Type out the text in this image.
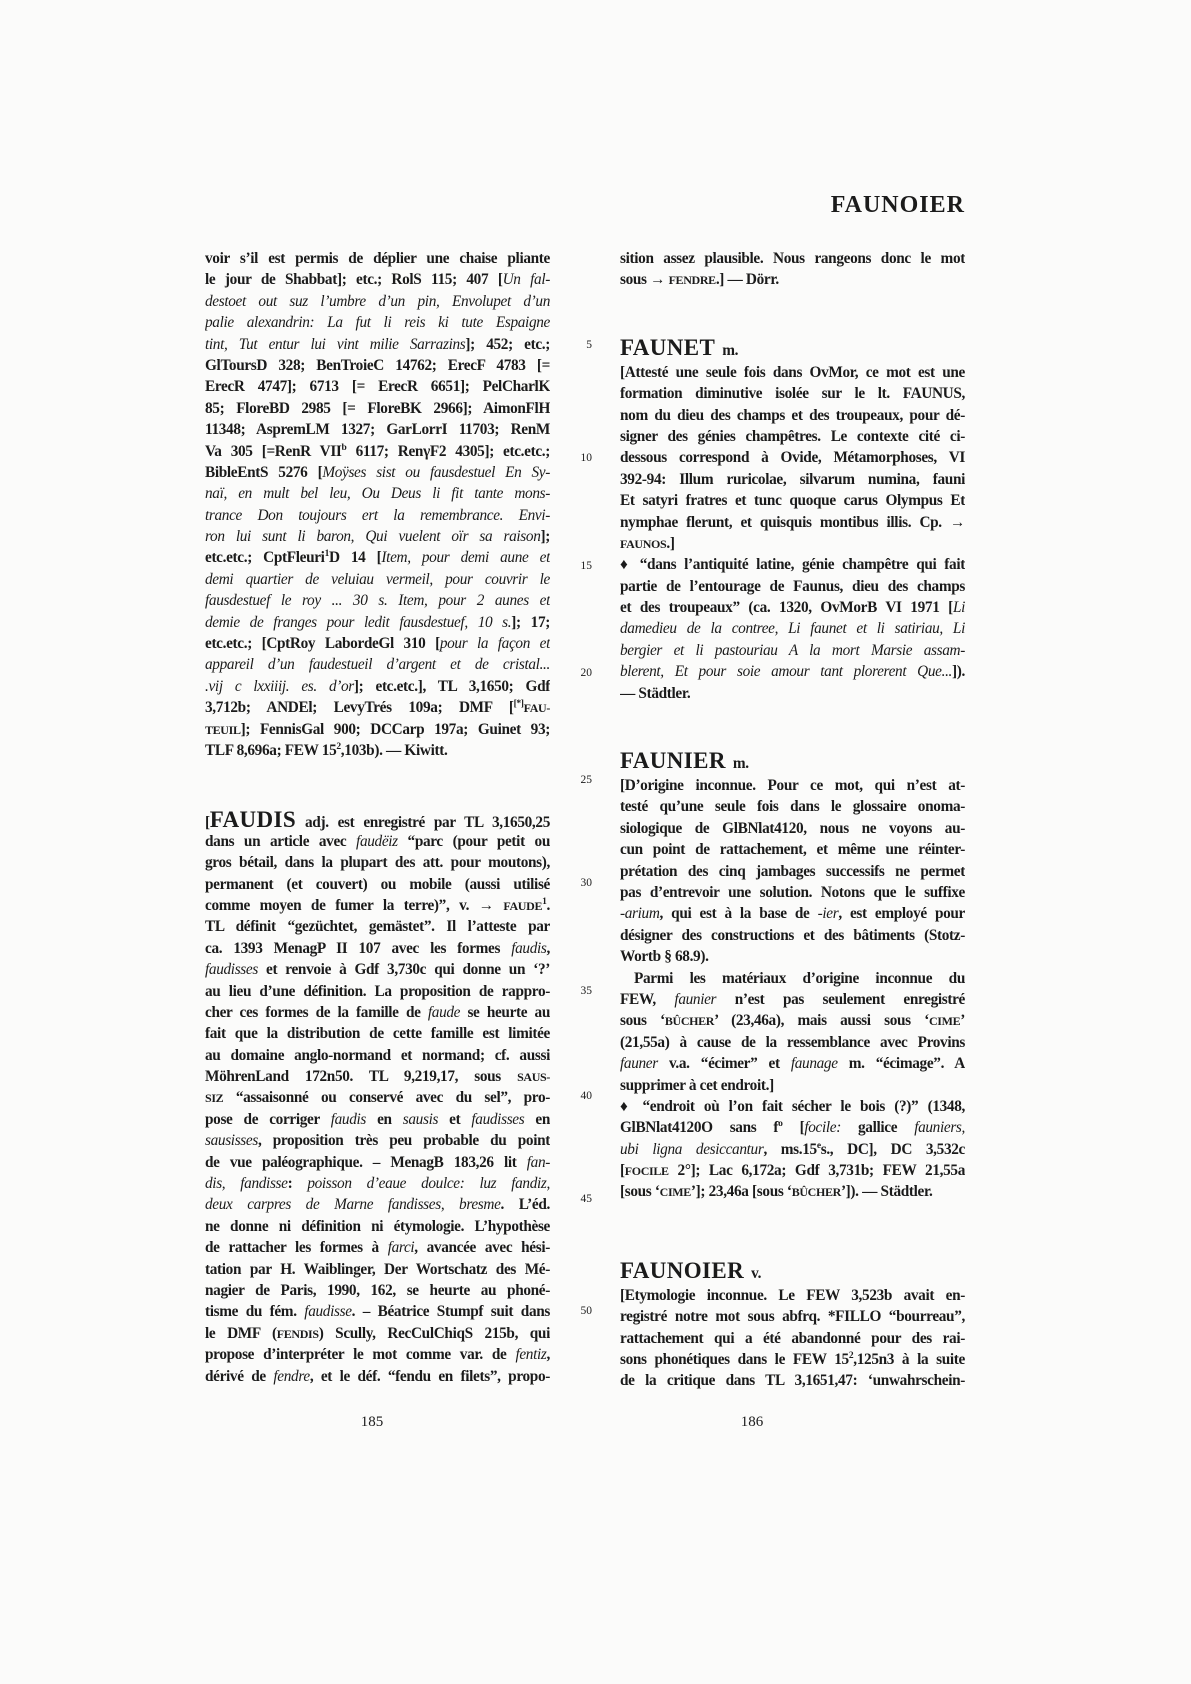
FAUNOIER
voir s’il est permis de déplier une chaise pliante
le jour de Shabbat]; etc.; RolS 115; 407 [Un fal-
destoet out suz l’umbre d’un pin, Envolupet d’un
palie alexandrin: La fut li reis ki tute Espaigne
tint, Tut entur lui vint milie Sarrazins]; 452; etc.;
GlToursD 328; BenTroieC 14762; ErecF 4783 [=
ErecR 4747]; 6713 [= ErecR 6651]; PelCharlK
85; FloreBD 2985 [= FloreBK 2966]; AimonFlH
11348; AspremLM 1327; GarLorrI 11703; RenM
Va 305 [=RenR VII$^b$ 6117; RenγF2 4305]; etc.etc.;
BibleEntS 5276 [Moÿses sist ou fausdestuel En Sy-
naï, en mult bel leu, Ou Deus li fit tante mons-
trance Don toujours ert la remembrance. Envi-
ron lui sunt li baron, Qui vuelent oïr sa raison];
etc.etc.; CptFleuri$^1$D 14 [Item, pour demi aune et
demi quartier de veluiau vermeil, pour couvrir le
fausdestuef le roy ... 30 s. Item, pour 2 aunes et
demie de franges pour ledit fausdestuef, 10 s.]; 17;
etc.etc.; [CptRoy LabordeGl 310 [pour la façon et
appareil d’un faudestueil d’argent et de cristal...
.vij c lxxiiij. es. d’or]; etc.etc.], TL 3,1650; Gdf
3,712b; ANDEl; LevyTrés 109a; DMF [[*]FAU-
TEUIL]; FennisGal 900; DCCarp 197a; Guinet 93;
TLF 8,696a; FEW $15^2,103b$). — Kiwitt.
[FAUDIS adj. est enregistré par TL 3,1650,25
dans un article avec faudëiz “parc (pour petit ou
gros bétail, dans la plupart des att. pour moutons),
permanent (et couvert) ou mobile (aussi utilisé
comme moyen de fumer la terre)”, v. → $FAUDE^1$.
TL définit “gezüchtet, gemästet”. Il l’atteste par
ca. 1393 MenagP II 107 avec les formes faudis,
faudisses et renvoie à Gdf 3,730c qui donne un ‘?’
au lieu d’une définition. La proposition de rappro-
cher ces formes de la famille de faude se heurte au
fait que la distribution de cette famille est limitée
au domaine anglo-normand et normand; cf. aussi
MöhrenLand 172n50. TL 9,219,17, sous SAUS-
SIZ “assaisonné ou conservé avec du sel”, pro-
pose de corriger faudis en sausis et faudisses en
sausisses, proposition très peu probable du point
de vue paléographique. – MenagB 183,26 lit fan-
dis, fandisse: poisson d’eaue doulce: luz fandiz,
deux carpres de Marne fandisses, bresme. L’éd.
ne donne ni définition ni étymologie. L’hypothèse
de rattacher les formes à farci, avancée avec hési-
tation par H. Waiblinger, Der Wortschatz des Mé-
nagier de Paris, 1990, 162, se heurte au phoné-
tisme du fém. faudisse. – Béatrice Stumpf suit dans
le DMF (FENDIS) Scully, RecCulChiqS 215b, qui
propose d’interpréter le mot comme var. de fentiz,
dérivé de fendre, et le déf. “fendu en filets”, propo-
sition assez plausible. Nous rangeons donc le mot
sous → FENDRE.] — Dörr.
FAUNET m.
[Attesté une seule fois dans OvMor, ce mot est une
formation diminutive isolée sur le lt. FAUNUS,
nom du dieu des champs et des troupeaux, pour dé-
signer des génies champêtres. Le contexte cité ci-
dessous correspond à Ovide, Métamorphoses, VI
392-94: Illum ruricolae, silvarum numina, fauni
Et satyri fratres et tunc quoque carus Olympus Et
nymphae flerunt, et quisquis montibus illis. Cp. →
FAUNOS.]
♦ “dans l’antiquité latine, génie champêtre qui fait
partie de l’entourage de Faunus, dieu des champs
et des troupeaux” (ca. 1320, OvMorB VI 1971 [Li
damedieu de la contree, Li faunet et li satiriau, Li
bergier et li pastouriau A la mort Marsie assam-
blerent, Et pour soie amour tant plorerent Que...]).
— Städtler.
FAUNIER m.
[D’origine inconnue. Pour ce mot, qui n’est at-
testé qu’une seule fois dans le glossaire onoma-
siologique de GlBNlat4120, nous ne voyons au-
cun point de rattachement, et même une réinter-
prétation des cinq jambages successifs ne permet
pas d’entrevoir une solution. Notons que le suffixe
-arium, qui est à la base de -ier, est employé pour
désigner des constructions et des bâtiments (Stotz-
Wortb § 68.9).
Parmi les matériaux d’origine inconnue du
FEW, faunier n’est pas seulement enregistré
sous ‘BÛCHER’ (23,46a), mais aussi sous ‘CIME’
(21,55a) à cause de la ressemblance avec Provins
fauner v.a. “écimer” et faunage m. “écimage”. A
supprimer à cet endroit.]
♦ “endroit où l’on fait sécher le bois (?)” (1348,
GlBNlat4120O sans $f^o$ [focile: gallice fauniers,
ubi ligna desiccantur, ms.15es., DC], DC 3,532c
[FOCILE 2°]; Lac 6,172a; Gdf 3,731b; FEW 21,55a
[sous ‘CIME’]; 23,46a [sous ‘BÛCHER’]). — Städtler.
FAUNOIER v.
[Etymologie inconnue. Le FEW 3,523b avait en-
registré notre mot sous abfrq. *FILLO “bourreau”,
rattachement qui a été abandonné pour des rai-
sons phonétiques dans le FEW $15^2,125n3$ à la suite
de la critique dans TL 3,1651,47: ‘unwahrschein-
5
10
15
20
25
30
35
40
45
50
185	186
